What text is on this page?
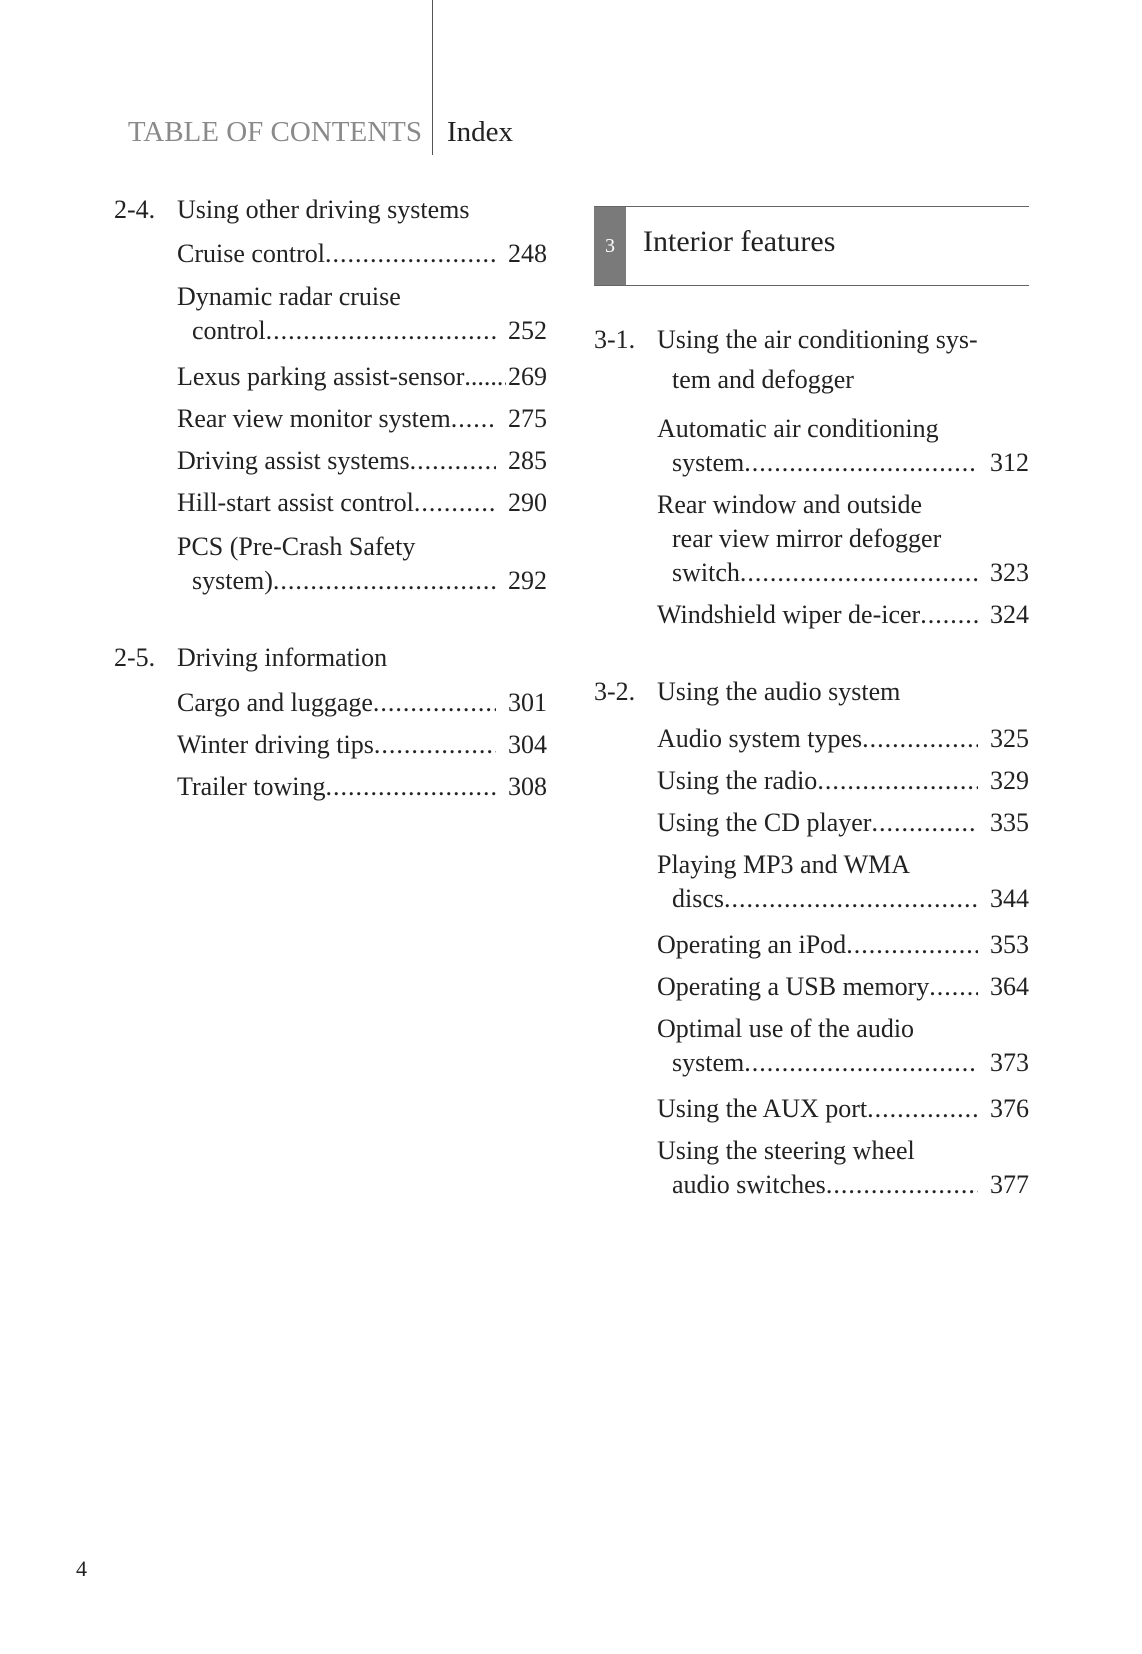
TABLE OF CONTENTS Index
2-4. Using other driving systems
Cruise control .....	248
Dynamic radar cruise
control .....	252
Lexus parking assist-sensor ..... 269
Rear view monitor system .....	275
Driving assist systems .....	285
Hill-start assist control .....	290
PCS (Pre-Crash Safety
system) .....	292
2-5. Driving information
Cargo and luggage .....	301
Winter driving tips .....	304
Trailer towing .....	308
3 Interior features
3-1. Using the air conditioning sys-
tem and defogger
Automatic air conditioning
system .....	312
Rear window and outside
rear view mirror defogger
switch .....	323
Windshield wiper de-icer .....	324
3-2. Using the audio system
Audio system types .....	325
Using the radio .....	329
Using the CD player .....	335
Playing MP3 and WMA
discs .....	344
Operating an iPod .....	353
Operating a USB memory .....	364
Optimal use of the audio
system .....	373
Using the AUX port .....	376
Using the steering wheel
audio switches .....	377
4
